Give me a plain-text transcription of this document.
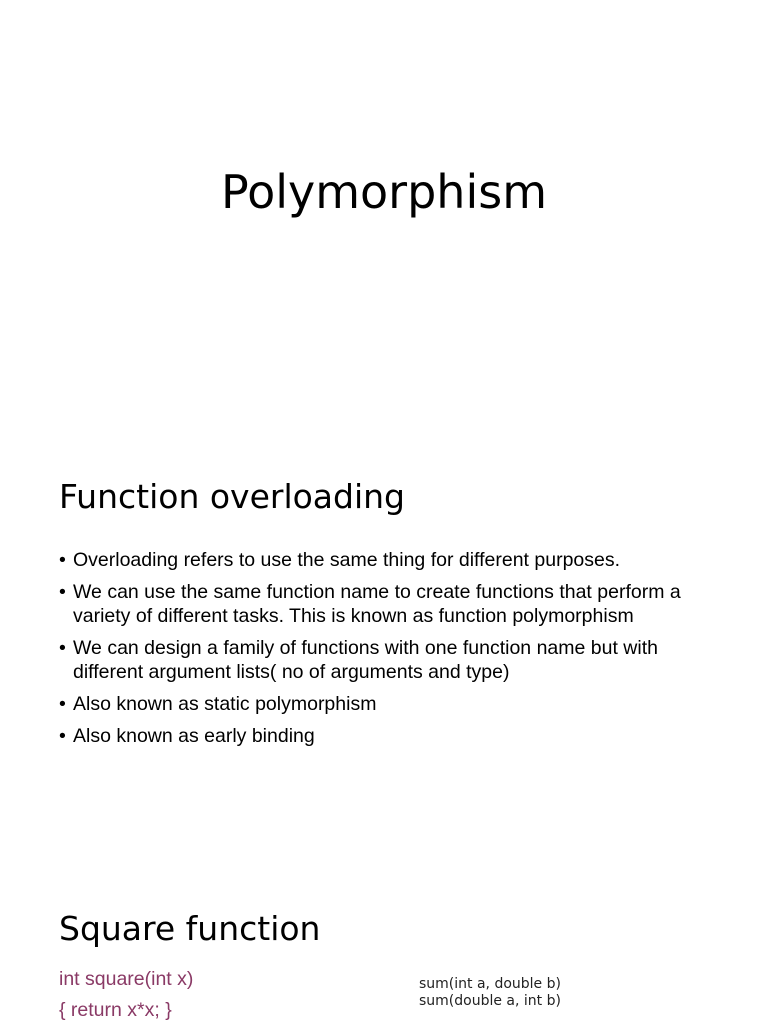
Polymorphism
Function overloading
• Overloading refers to use the same thing for different purposes.
• We can use the same function name to create functions that perform a variety of different tasks. This is known as function polymorphism
• We can design a family of functions with one function name but with different argument lists( no of arguments and type)
• Also known as static polymorphism
• Also known as early binding
Square function
int square(int x)
{ return x*x; }
sum(int a, double b)
sum(double a, int b)
